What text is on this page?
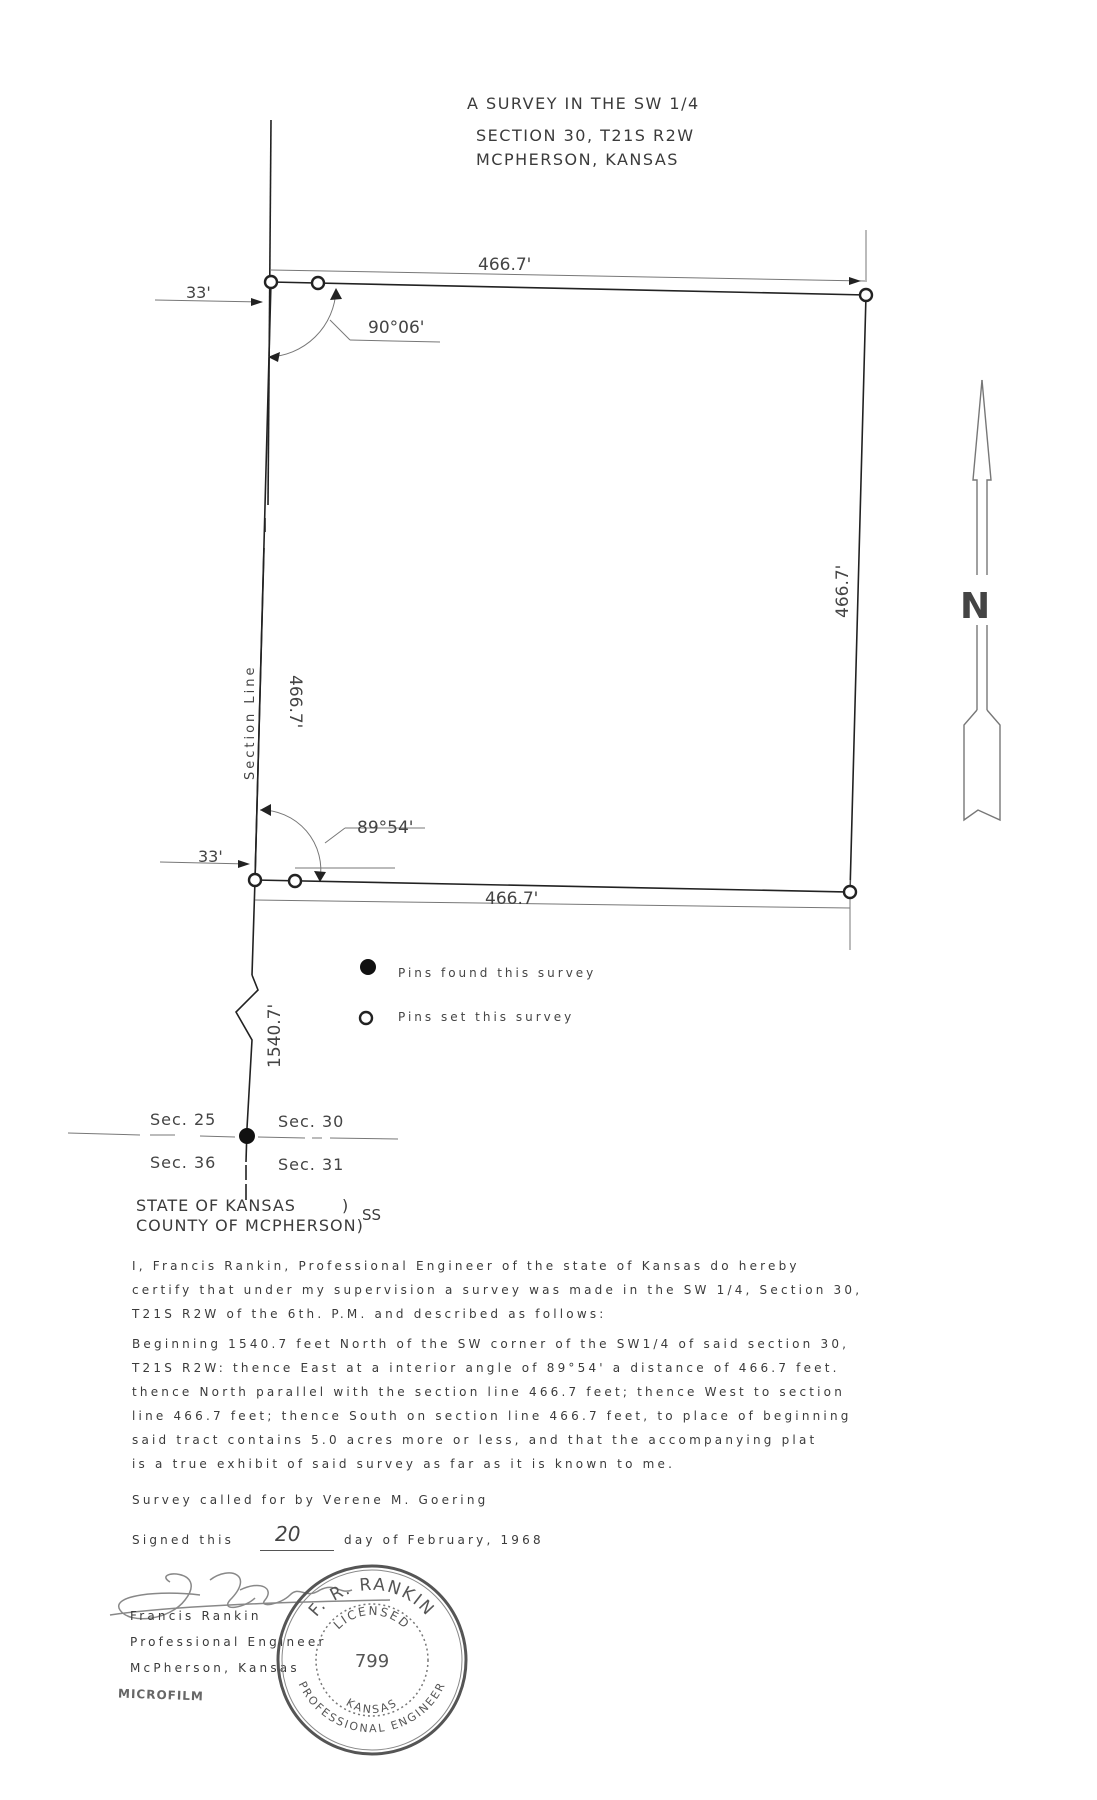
A SURVEY IN THE SW 1/4
SECTION 30, T21S R2W
MCPHERSON, KANSAS
466.7'
466.7'
466.7'
466.7'
33'
33'
90°06'
89°54'
Section Line
1540.7'
N
Sec. 25	Sec. 30
Sec. 36	Sec. 31
Pins found this survey
Pins set this survey
STATE OF KANSAS	)
COUNTY OF MCPHERSON)
SS
I, Francis Rankin, Professional Engineer of the state of Kansas do hereby
certify that under my supervision a survey was made in the SW 1/4, Section 30,
T21S R2W of the 6th. P.M. and described as follows:
Beginning 1540.7 feet North of the SW corner of the SW1/4 of said section 30,
T21S R2W: thence East at a interior angle of 89°54' a distance of 466.7 feet.
thence North parallel with the section line 466.7 feet; thence West to section
line 466.7 feet; thence South on section line 466.7 feet, to place of beginning
said tract contains 5.0 acres more or less, and that the accompanying plat
is a true exhibit of said survey as far as it is known to me.
Survey called for by Verene M. Goering
Signed this 20	day of February, 1968
Francis Rankin
Professional Engineer
McPherson, Kansas
MICROFILM
F. R. RANKIN
PROFESSIONAL ENGINEER
LICENSED
KANSAS
799
